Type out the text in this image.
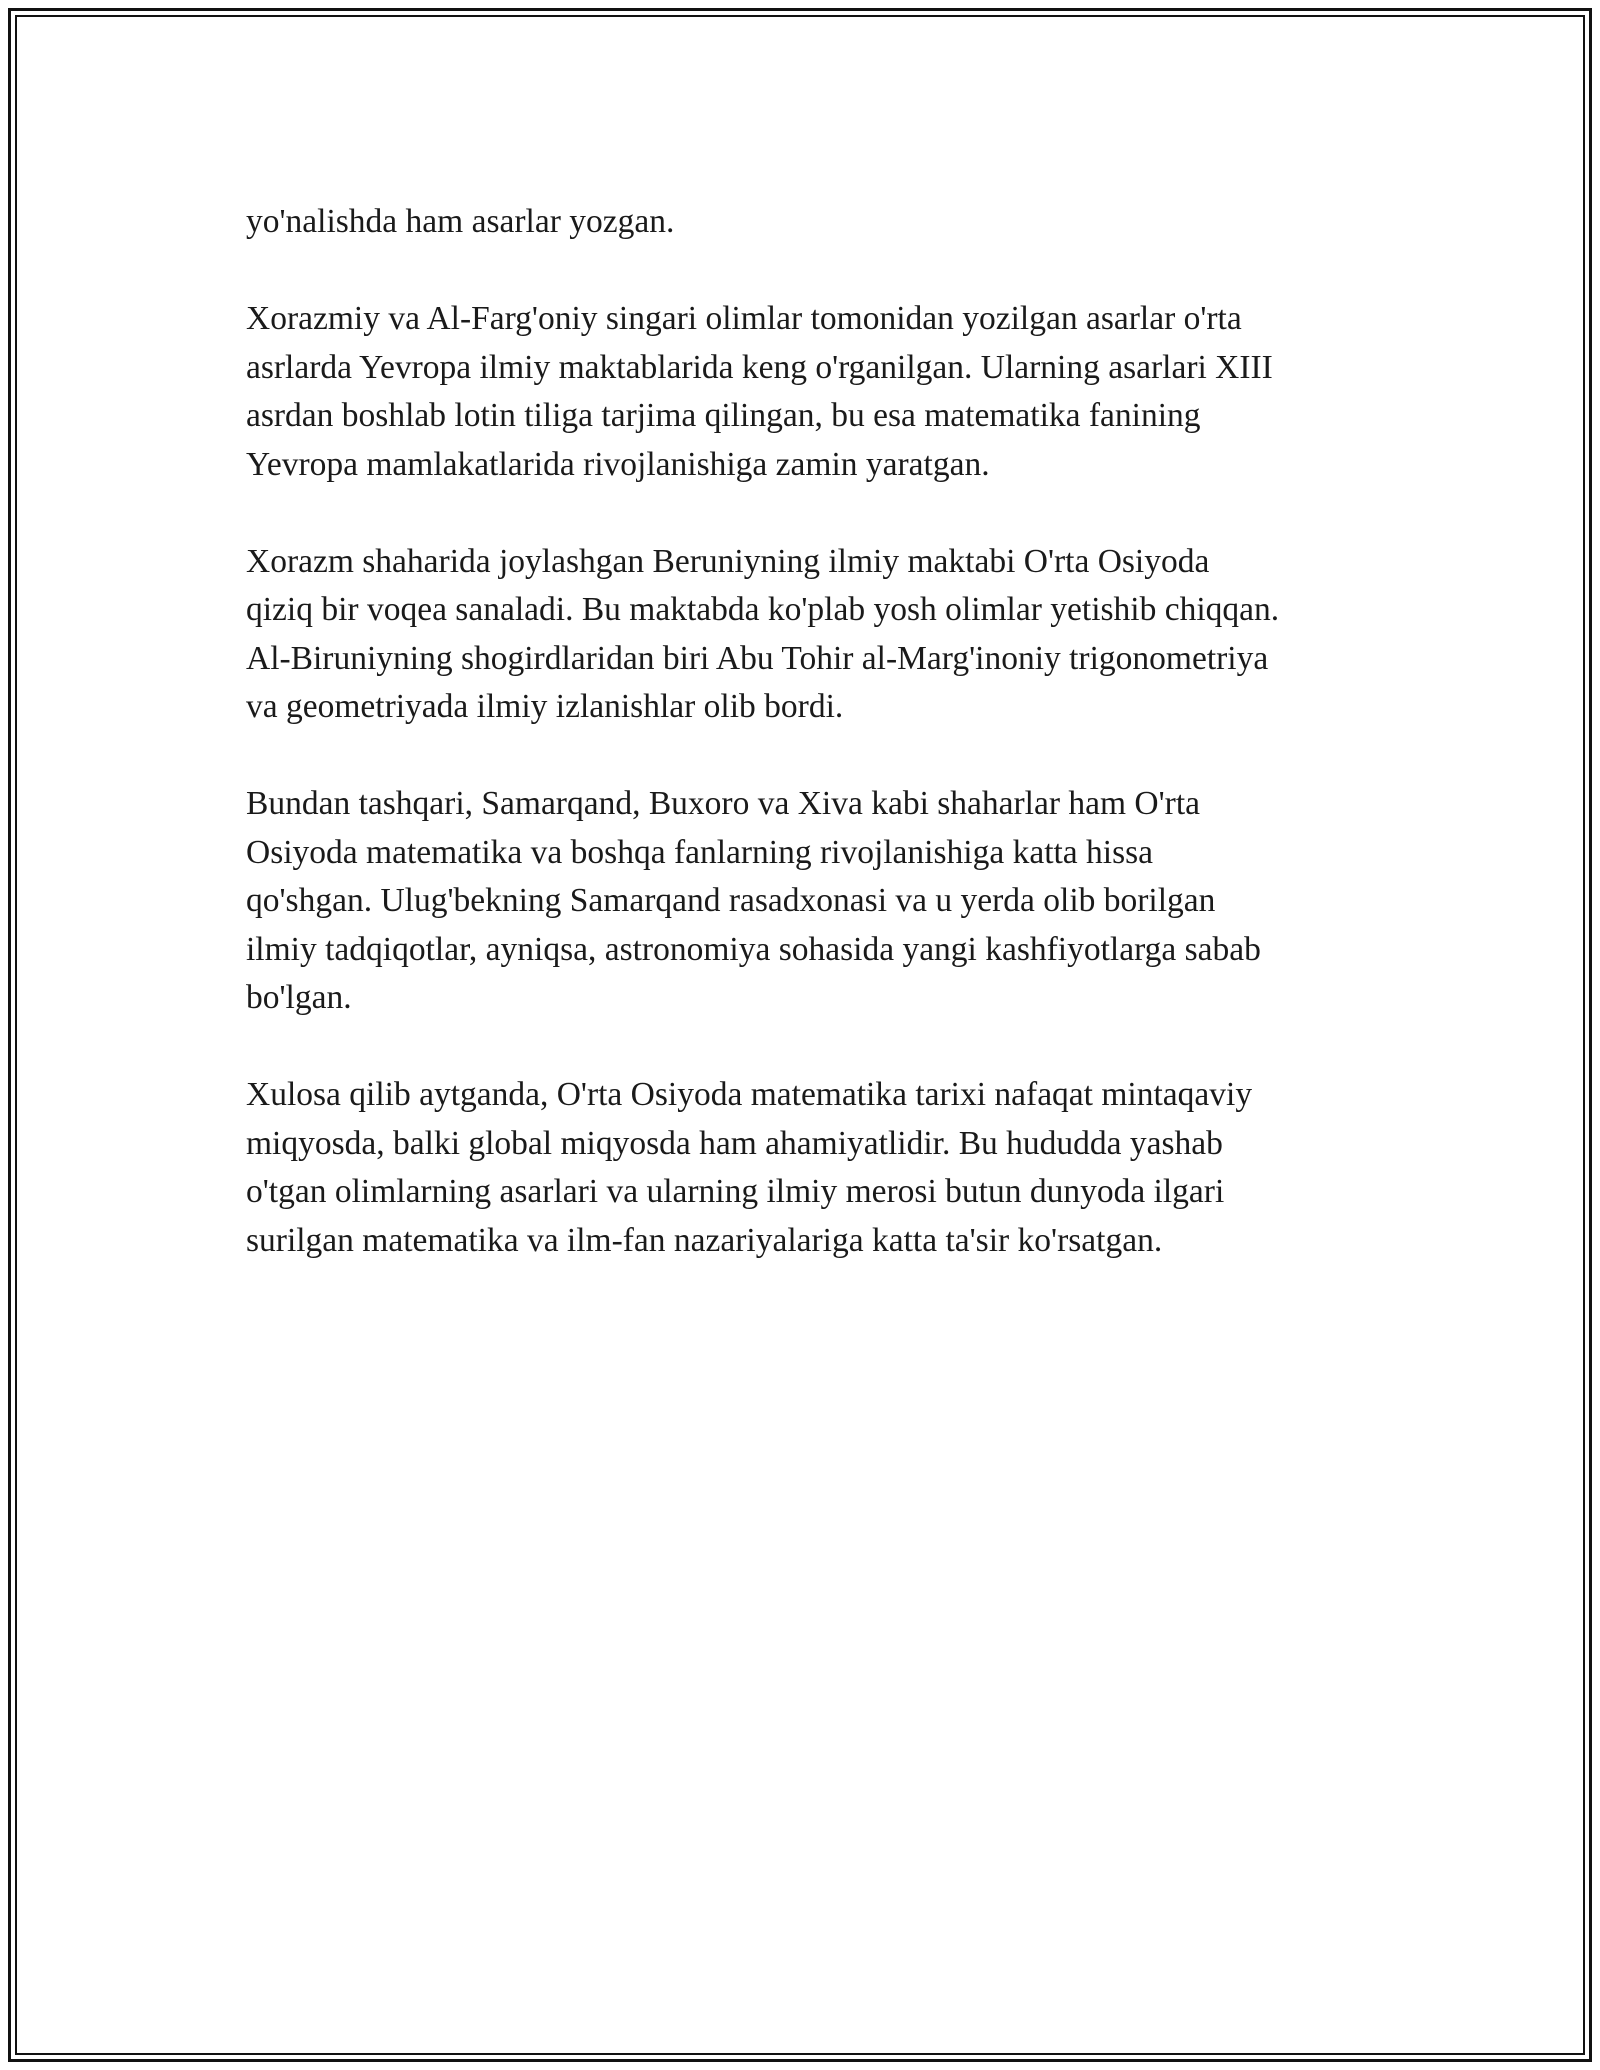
yo'nalishda ham asarlar yozgan.
Xorazmiy va Al-Farg'oniy singari olimlar tomonidan yozilgan asarlar o'rta
asrlarda Yevropa ilmiy maktablarida keng o'rganilgan. Ularning asarlari XIII
asrdan boshlab lotin tiliga tarjima qilingan, bu esa matematika fanining
Yevropa mamlakatlarida rivojlanishiga zamin yaratgan.
Xorazm shaharida joylashgan Beruniyning ilmiy maktabi O'rta Osiyoda
qiziq bir voqea sanaladi. Bu maktabda ko'plab yosh olimlar yetishib chiqqan.
Al-Biruniyning shogirdlaridan biri Abu Tohir al-Marg'inoniy trigonometriya
va geometriyada ilmiy izlanishlar olib bordi.
Bundan tashqari, Samarqand, Buxoro va Xiva kabi shaharlar ham O'rta
Osiyoda matematika va boshqa fanlarning rivojlanishiga katta hissa
qo'shgan. Ulug'bekning Samarqand rasadxonasi va u yerda olib borilgan
ilmiy tadqiqotlar, ayniqsa, astronomiya sohasida yangi kashfiyotlarga sabab
bo'lgan.
Xulosa qilib aytganda, O'rta Osiyoda matematika tarixi nafaqat mintaqaviy
miqyosda, balki global miqyosda ham ahamiyatlidir. Bu hududda yashab
o'tgan olimlarning asarlari va ularning ilmiy merosi butun dunyoda ilgari
surilgan matematika va ilm-fan nazariyalariga katta ta'sir ko'rsatgan.
